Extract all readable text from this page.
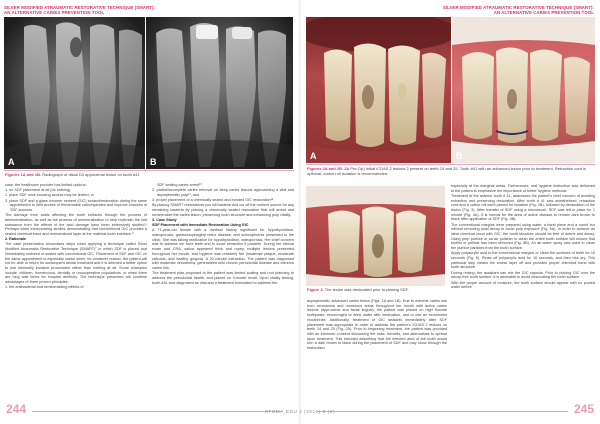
SILVER MODIFIED ATRAUMATIC RESTORATIVE TECHNIQUE (SMART):
AN ALTERNATIVE CARIES PREVENTION TOOL
SILVER MODIFIED ATRAUMATIC RESTORATIVE TECHNIQUE (SMART):
AN ALTERNATIVE CARIES PREVENTION TOOL
A	B
Figures 1A and 1B. Radiograph of distal D3 approximal lesion on tooth #41

case, the healthcare provider has limited options:

1. no SDF placement at all (do nothing),

2. place SDF once knowing access may be limited, or

3. place SDF and a glass ionomer cement (GIC) sealant/restoration during the same appointment to limit access of fermentable carbohydrates and improve chances of SDF success.

The damage from acids affecting the tooth surfaces through the process of demineralization, as well as the process of remineralization to help replenish the lost substance from the effects of the acid damage have been extensively studied.⁵ Perhaps when incorporating studies demonstrating that conventional GIC provides a sealed chemical bond and remineralized layer at the material-tooth interface.⁶

2. Rationale

The case presentation showcases steps when applying a technique called Silver Modified Atraumatic Restorative Technique (SMART)⁷ in which SDF is placed and immediately restored or sealed with conventional GIC. Placement of SDF and GIC on the same appointment is especially useful when, for whatever reason, the patient will not be able to return for subsequent dental treatment and it is deemed a better option to use minimally invasive procedures rather than nothing at all. Some examples include, children, homebound, dentally or uncooperative populations, or when there are long wait times for hospital dentistry. The technique presented will combine advantages of three proven principles:

1. the antibacterial and remineralizing effects of

SDF sealing caries arrest¹⁰,

2. partial/incomplete caries removal on deep caries lesions approaching a vital and asymptomatic pulp¹¹, and

3. proper placement of a chemically sealed and bonded GIC restoration¹².

By placing SMART restorations you kill bacteria and cut off the nutrient source for any remaining bacteria by placing a chemically sealed restoration that will arrest and remineralize the caries lesion, preserving tooth structure and enhancing pulp vitality.

3. Case Study

SDF Placement with Immediate Restoration Using GIC

A 71-year-old female with a medical history significant for hypothyroidism, osteoporosis, gastroesophageal reflux disease, and schizophrenia presented to the clinic. She was taking medication for hypothyroidism, osteoporosis. Her chief concern was to address her front teeth and to avoid extraction if possible. During her clinical exam and CRA, saliva appeared thick and ropey, multiple lesions presented throughout her mouth, and hygiene was relatively fair (moderate plaque, moderate calculus, and healthy gingiva). A 20 minute extraction. The patient was diagnosed with moderate xerostomia, generalized mild chronic periodontal disease and extreme caries risk.

The treatment plan proposed to the patient was limited scaling and root planning to address the periodontal health, and placed on 4-month recall. Upon vitality testing, tooth #41 was diagnosed as vital and a treatment formulated to address the

A	B
Figures 2A and 2B. 2A Pre-Op) Initial ICDAS 2 lesions 2 present on teeth 24 and 25. Tooth #41 with an advanced lesion prior to treatment. Retraction cord is optional, cotton roll isolation is recommended.
Figure 3. The lesion was desiccated prior to placing SDF.

asymptomatic advanced caries lesion (Figs. 1A and 1B). Due to extreme caries risk from xerostomia and numerous areas throughout her mouth with active caries lesions (approximal and facial lingual), the patient was placed on high fluoride toothpaste, encouraged to drink water with medication, and to use an xerostomia mouthrinse. Additionally, treatment of GIC sealants immediately after SDF placement was appropriate in order to address the patient's ICDAS 2 lesions on teeth 24 and 25 (Fig. 2A). Prior to beginning treatment, the patient was provided with an informed consent discussing the risks, benefits, and alternatives to spread upon treatment. This included describing that the infected area of the tooth would turn a dark brown to black during the placement of SDF and may show through the restoration

especially at the marginal areas. Furthermore, oral hygiene instruction was delivered to the patient to emphasize the importance of better hygiene methods.

Treatment of the anterior tooth # 41, addressed the patient's chief concern of avoiding extraction and preserving restoration. After tooth # 41 was anesthetized, retraction cord and a cotton roll were placed for isolation (Fig. 2B), followed by desiccation of the lesion (Fig. 3). After transfer of SDF using a microbrush, SDF was left in place for 1 minute (Fig. 4A). It is normal for the area of active disease to remain dark brown to black after application of SDF (Fig. 4B).

The conventional margins were prepared using water, a hand piece and a round bur without removing axial decay to avoid pulp exposure (Fig. 5A). In order to achieve an ideal chemical bond with GIC, the tooth structure should be free of debris and decay. Using prep pumice or an air polisher to clean the entire tooth surface will ensure that biofilm or pellicle has been removed (Fig. 5B). An air-water spray was used to clean the pumice particles from the tooth surface.

Apply polyacrylic acid to the conventional margins or clean the surfaces of teeth for 10 seconds (Fig. 6). Rinse off polyacrylic acid for 10 seconds, and then blot dry. This particular step cleans the smear layer off and provides proper chemical bond with tooth structure.

During rinsing, the assistant can mix the GIC capsule. Prior to placing GIC over the decay-free tooth surface, it is advisable to avoid desiccating the tooth surface.

With the proper amount of moisture, the tooth surface should appear with no pooled water before

244	245
STOMA.EDU J (2016) 3 (2)
